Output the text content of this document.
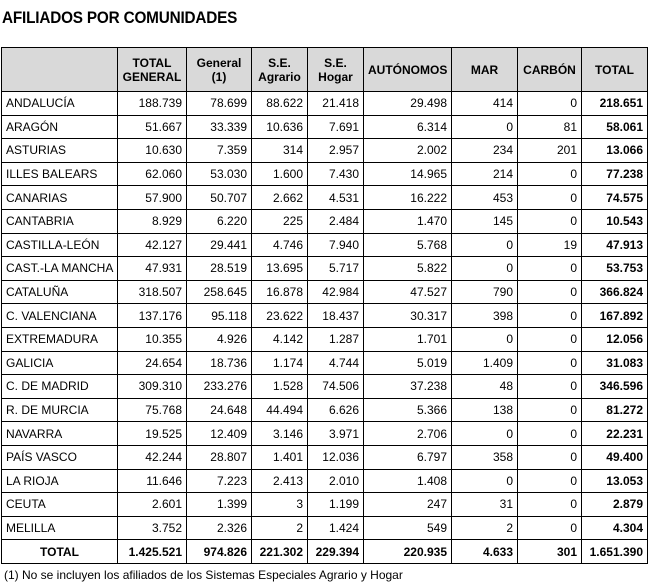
AFILIADOS POR COMUNIDADES
	TOTAL GENERAL	General (1)	S.E. Agrario	S.E. Hogar	AUTÓNOMOS	MAR	CARBÓN	TOTAL
ANDALUCÍA	188.739	78.699	88.622	21.418	29.498	414	0	218.651
ARAGÓN	51.667	33.339	10.636	7.691	6.314	0	81	58.061
ASTURIAS	10.630	7.359	314	2.957	2.002	234	201	13.066
ILLES BALEARS	62.060	53.030	1.600	7.430	14.965	214	0	77.238
CANARIAS	57.900	50.707	2.662	4.531	16.222	453	0	74.575
CANTABRIA	8.929	6.220	225	2.484	1.470	145	0	10.543
CASTILLA-LEÓN	42.127	29.441	4.746	7.940	5.768	0	19	47.913
CAST.-LA MANCHA	47.931	28.519	13.695	5.717	5.822	0	0	53.753
CATALUÑA	318.507	258.645	16.878	42.984	47.527	790	0	366.824
C. VALENCIANA	137.176	95.118	23.622	18.437	30.317	398	0	167.892
EXTREMADURA	10.355	4.926	4.142	1.287	1.701	0	0	12.056
GALICIA	24.654	18.736	1.174	4.744	5.019	1.409	0	31.083
C. DE MADRID	309.310	233.276	1.528	74.506	37.238	48	0	346.596
R. DE MURCIA	75.768	24.648	44.494	6.626	5.366	138	0	81.272
NAVARRA	19.525	12.409	3.146	3.971	2.706	0	0	22.231
PAÍS VASCO	42.244	28.807	1.401	12.036	6.797	358	0	49.400
LA RIOJA	11.646	7.223	2.413	2.010	1.408	0	0	13.053
CEUTA	2.601	1.399	3	1.199	247	31	0	2.879
MELILLA	3.752	2.326	2	1.424	549	2	0	4.304
TOTAL	1.425.521	974.826	221.302	229.394	220.935	4.633	301	1.651.390
(1) No se incluyen los afiliados de los Sistemas Especiales Agrario y Hogar
